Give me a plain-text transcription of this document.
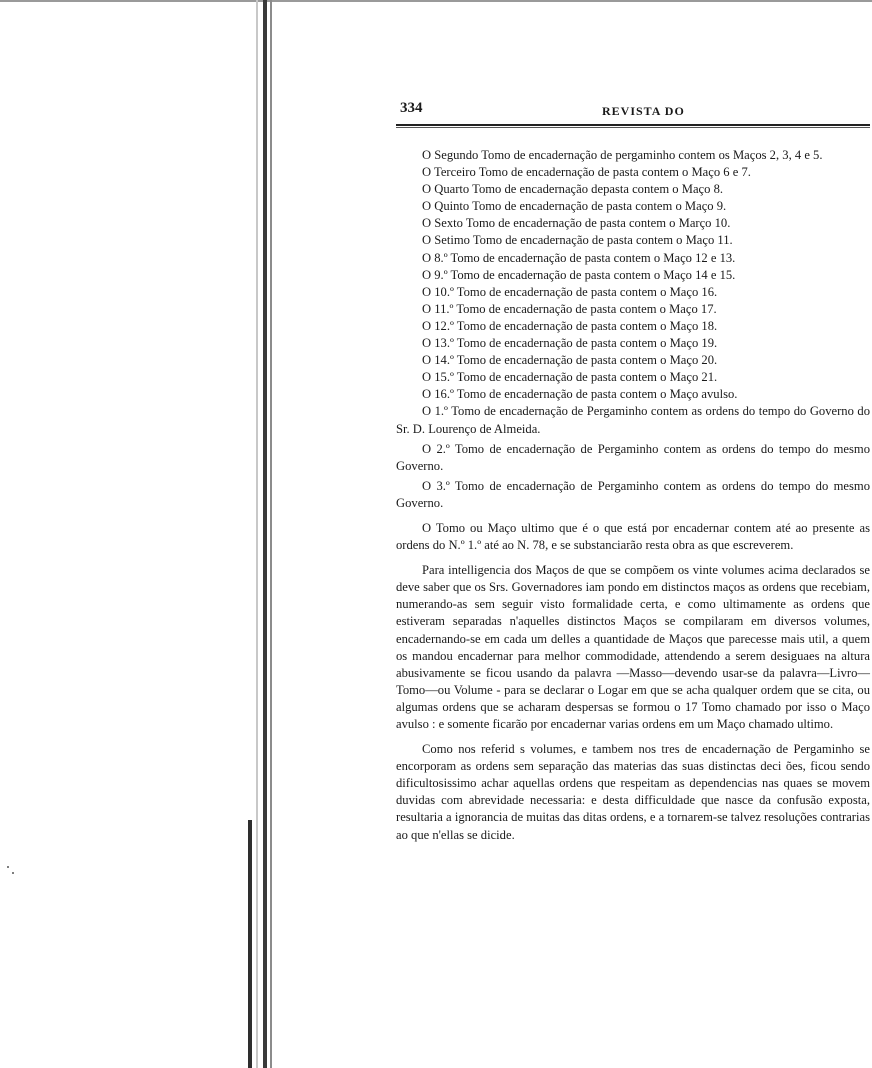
334	REVISTA DO

O Segundo Tomo de encadernação de pergaminho contem os Maços 2, 3, 4 e 5.

O Terceiro Tomo de encadernação de pasta contem o Maço 6 e 7.

O Quarto Tomo de encadernação depasta contem o Maço 8.

O Quinto Tomo de encadernação de pasta contem o Maço 9.

O Sexto Tomo de encadernação de pasta contem o Março 10.

O Setimo Tomo de encadernação de pasta contem o Maço 11.

O 8.º Tomo de encadernação de pasta contem o Maço 12 e 13.

O 9.º Tomo de encadernação de pasta contem o Maço 14 e 15.

O 10.º Tomo de encadernação de pasta contem o Maço 16.

O 11.º Tomo de encadernação de pasta contem o Maço 17.

O 12.º Tomo de encadernação de pasta contem o Maço 18.

O 13.º Tomo de encadernação de pasta contem o Maço 19.

O 14.º Tomo de encadernação de pasta contem o Maço 20.

O 15.º Tomo de encadernação de pasta contem o Maço 21.

O 16.º Tomo de encadernação de pasta contem o Maço avulso.

O 1.º Tomo de encadernação de Pergaminho contem as ordens do tempo do Governo do Sr. D. Lourenço de Almeida.

O 2.º Tomo de encadernação de Pergaminho contem as ordens do tempo do mesmo Governo.

O 3.º Tomo de encadernação de Pergaminho contem as ordens do tempo do mesmo Governo.

O Tomo ou Maço ultimo que é o que está por encadernar contem até ao presente as ordens do N.º 1.º até ao N. 78, e se substanciarão resta obra as que escreverem.

Para intelligencia dos Maços de que se compõem os vinte volumes acima declarados se deve saber que os Srs. Governadores iam pondo em distinctos maços as ordens que recebiam, numerando-as sem seguir visto formalidade certa, e como ultimamente as ordens que estiveram separadas n'aquelles distinctos Maços se compilaram em diversos volumes, encadernando-se em cada um delles a quantidade de Maços que parecesse mais util, a quem os mandou encadernar para melhor commodidade, attendendo a serem desiguaes na altura abusivamente se ficou usando da palavra —Masso—devendo usar-se da palavra—Livro—Tomo—ou Volume - para se declarar o Logar em que se acha qualquer ordem que se cita, ou algumas ordens que se acharam despersas se formou o 17 Tomo chamado por isso o Maço avulso : e somente ficarão por encadernar varias ordens em um Maço chamado ultimo.

Como nos referid s volumes, e tambem nos tres de encadernação de Pergaminho se encorporam as ordens sem separação das materias das suas distinctas deci ões, ficou sendo dificultosissimo achar aquellas ordens que respeitam as dependencias nas quaes se movem duvidas com abrevidade necessaria: e desta difficuldade que nasce da confusão exposta, resultaria a ignorancia de muitas das ditas ordens, e a tornarem-se talvez resoluções contrarias ao que n'ellas se dicide.
